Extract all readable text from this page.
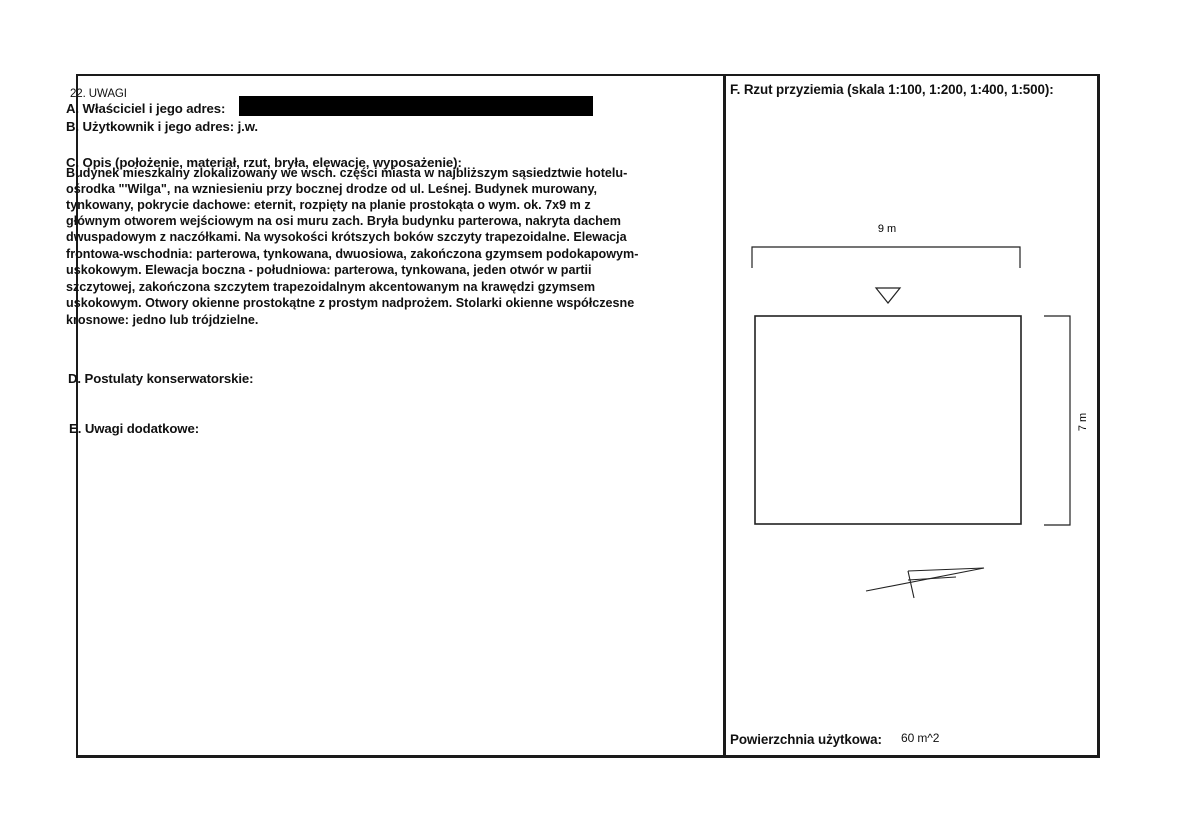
22. UWAGI
A. Właściciel i jego adres:
B. Użytkownik i jego adres: j.w.
C. Opis (położenie, materiał, rzut, bryła, elewacje, wyposażenie):
Budynek mieszkalny zlokalizowany we wsch. części miasta w najbliższym sąsiedztwie hotelu-
ośrodka "'Wilga", na wzniesieniu przy bocznej drodze od ul. Leśnej. Budynek murowany,
tynkowany, pokrycie dachowe: eternit, rozpięty na planie prostokąta o wym. ok. 7x9 m z
głównym otworem wejściowym na osi muru zach. Bryła budynku parterowa, nakryta dachem
dwuspadowym z naczółkami. Na wysokości krótszych boków szczyty trapezoidalne. Elewacja
frontowa-wschodnia: parterowa, tynkowana, dwuosiowa, zakończona gzymsem podokapowym-
uskokowym. Elewacja boczna - południowa: parterowa, tynkowana, jeden otwór w partii
szczytowej, zakończona szczytem trapezoidalnym akcentowanym na krawędzi gzymsem
uskokowym. Otwory okienne prostokątne z prostym nadprożem. Stolarki okienne współczesne
krosnowe: jedno lub trójdzielne.
D. Postulaty konserwatorskie:
E. Uwagi dodatkowe:
F. Rzut przyziemia (skala 1:100, 1:200, 1:400, 1:500):
9 m
7 m
Powierzchnia użytkowa: 60 m^2
